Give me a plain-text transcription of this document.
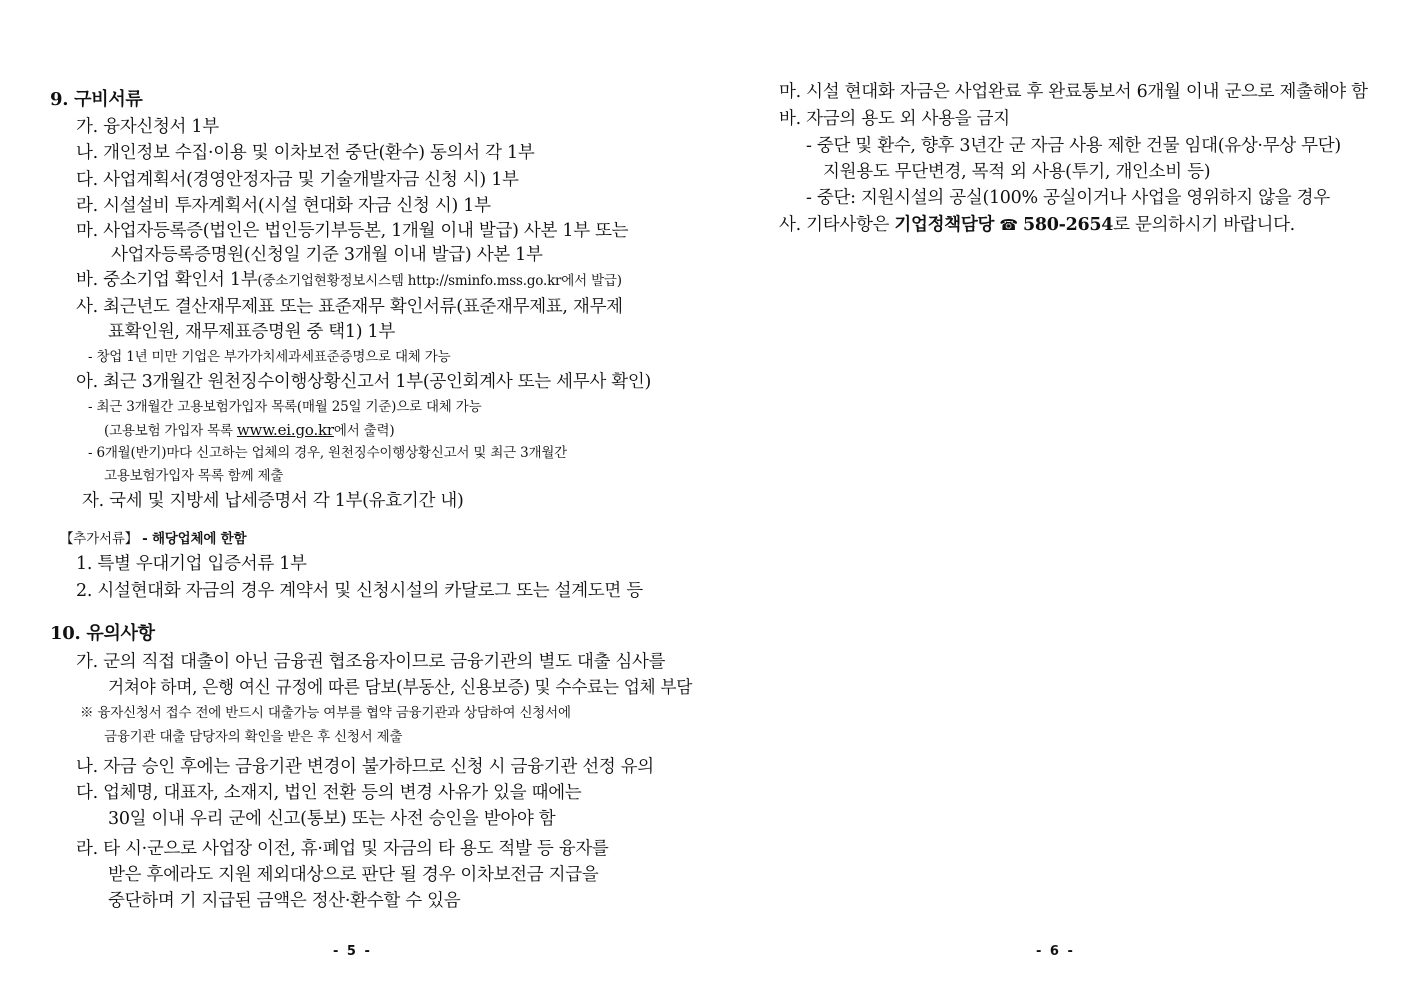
9. 구비서류
가. 융자신청서 1부
나. 개인정보 수집·이용 및 이차보전 중단(환수) 동의서 각 1부
다. 사업계획서(경영안정자금 및 기술개발자금 신청 시) 1부
라. 시설설비 투자계획서(시설 현대화 자금 신청 시) 1부
마. 사업자등록증(법인은 법인등기부등본, 1개월 이내 발급) 사본 1부 또는
사업자등록증명원(신청일 기준 3개월 이내 발급) 사본 1부
바. 중소기업 확인서 1부(중소기업현황정보시스템 http://sminfo.mss.go.kr에서 발급)
사. 최근년도 결산재무제표 또는 표준재무 확인서류(표준재무제표, 재무제
표확인원, 재무제표증명원 중 택1) 1부
- 창업 1년 미만 기업은 부가가치세과세표준증명으로 대체 가능
아. 최근 3개월간 원천징수이행상황신고서 1부(공인회계사 또는 세무사 확인)
- 최근 3개월간 고용보험가입자 목록(매월 25일 기준)으로 대체 가능
(고용보험 가입자 목록 www.ei.go.kr에서 출력)
- 6개월(반기)마다 신고하는 업체의 경우, 원천징수이행상황신고서 및 최근 3개월간
고용보험가입자 목록 함께 제출
자. 국세 및 지방세 납세증명서 각 1부(유효기간 내)
【추가서류】 - 해당업체에 한함
1. 특별 우대기업 입증서류 1부
2. 시설현대화 자금의 경우 계약서 및 신청시설의 카달로그 또는 설계도면 등
10. 유의사항
가. 군의 직접 대출이 아닌 금융권 협조융자이므로 금융기관의 별도 대출 심사를
거쳐야 하며, 은행 여신 규정에 따른 담보(부동산, 신용보증) 및 수수료는 업체 부담
※ 융자신청서 접수 전에 반드시 대출가능 여부를 협약 금융기관과 상담하여 신청서에
금융기관 대출 담당자의 확인을 받은 후 신청서 제출
나. 자금 승인 후에는 금융기관 변경이 불가하므로 신청 시 금융기관 선정 유의
다. 업체명, 대표자, 소재지, 법인 전환 등의 변경 사유가 있을 때에는
30일 이내 우리 군에 신고(통보) 또는 사전 승인을 받아야 함
라. 타 시·군으로 사업장 이전, 휴·폐업 및 자금의 타 용도 적발 등 융자를
받은 후에라도 지원 제외대상으로 판단 될 경우 이차보전금 지급을
중단하며 기 지급된 금액은 정산·환수할 수 있음
- 5 -
마. 시설 현대화 자금은 사업완료 후 완료통보서 6개월 이내 군으로 제출해야 함
바. 자금의 용도 외 사용을 금지
- 중단 및 환수, 향후 3년간 군 자금 사용 제한 건물 임대(유상·무상 무단)
지원용도 무단변경, 목적 외 사용(투기, 개인소비 등)
- 중단: 지원시설의 공실(100% 공실이거나 사업을 영위하지 않을 경우
사. 기타사항은 기업정책담당 ☎ 580-2654로 문의하시기 바랍니다.
- 6 -
